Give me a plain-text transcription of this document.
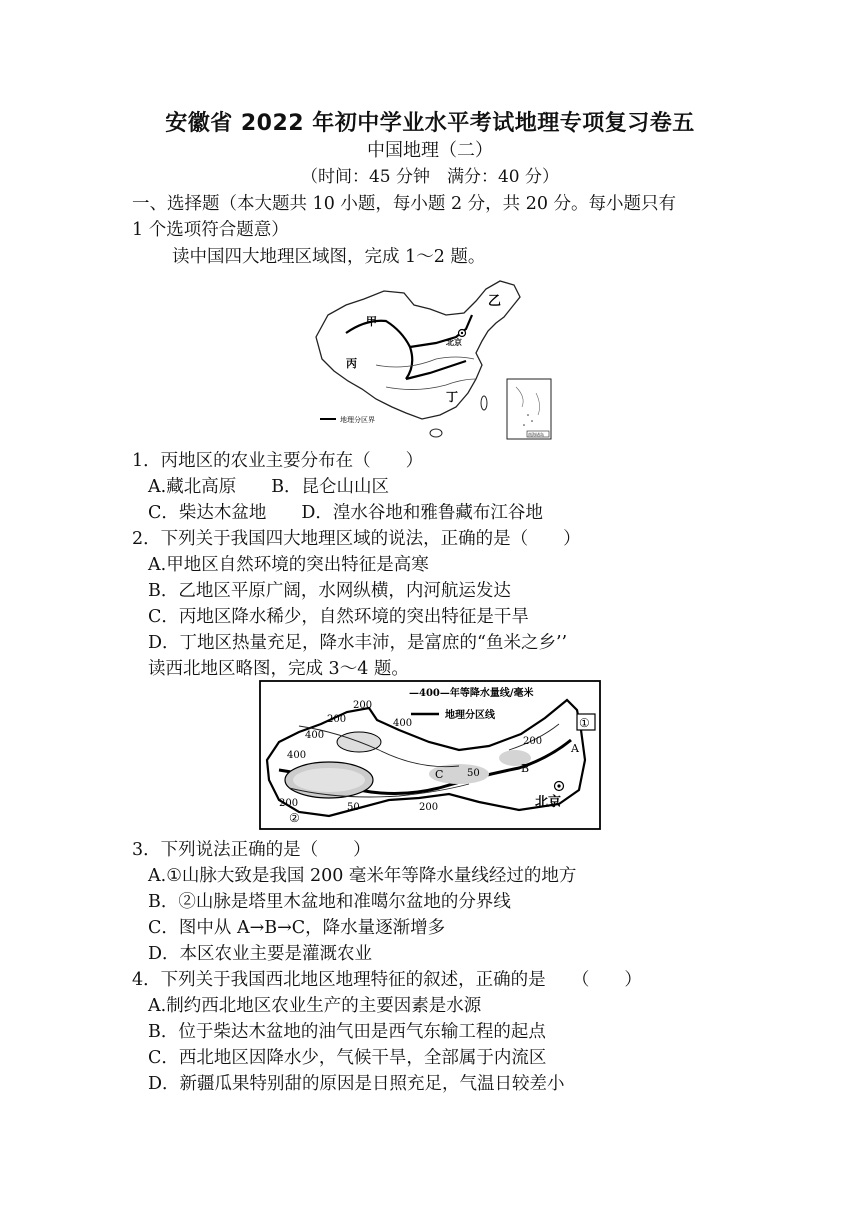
安徽省 2022 年初中学业水平考试地理专项复习卷五
中国地理（二）
（时间：45 分钟　满分：40 分）
一、选择题（本大题共 10 小题，每小题 2 分，共 20 分。每小题只有
1 个选项符合题意）
读中国四大地理区域图，完成 1～2 题。
甲
乙
丙
丁
北京
地理分区界
南海诸岛
1．丙地区的农业主要分布在（　　）
A.藏北高原　　B．昆仑山山区
C．柴达木盆地　　D．湟水谷地和雅鲁藏布江谷地
2．下列关于我国四大地理区域的说法，正确的是（　　）
A.甲地区自然环境的突出特征是高寒
B．乙地区平原广阔，水网纵横，内河航运发达
C．丙地区降水稀少，自然环境的突出特征是干旱
D．丁地区热量充足，降水丰沛，是富庶的“鱼米之乡’’
读西北地区略图，完成 3～4 题。
—400—年等降水量线/毫米
地理分区线
①
②
北京
200
200
400
400
400
50
50
200
200	200
A
B
C
3．下列说法正确的是（　　）
A.①山脉大致是我国 200 毫米年等降水量线经过的地方
B．②山脉是塔里木盆地和准噶尔盆地的分界线
C．图中从 A→B→C，降水量逐渐增多
D．本区农业主要是灌溉农业
4．下列关于我国西北地区地理特征的叙述，正确的是　　（　　）
A.制约西北地区农业生产的主要因素是水源
B．位于柴达木盆地的油气田是西气东输工程的起点
C．西北地区因降水少，气候干旱，全部属于内流区
D．新疆瓜果特别甜的原因是日照充足，气温日较差小
